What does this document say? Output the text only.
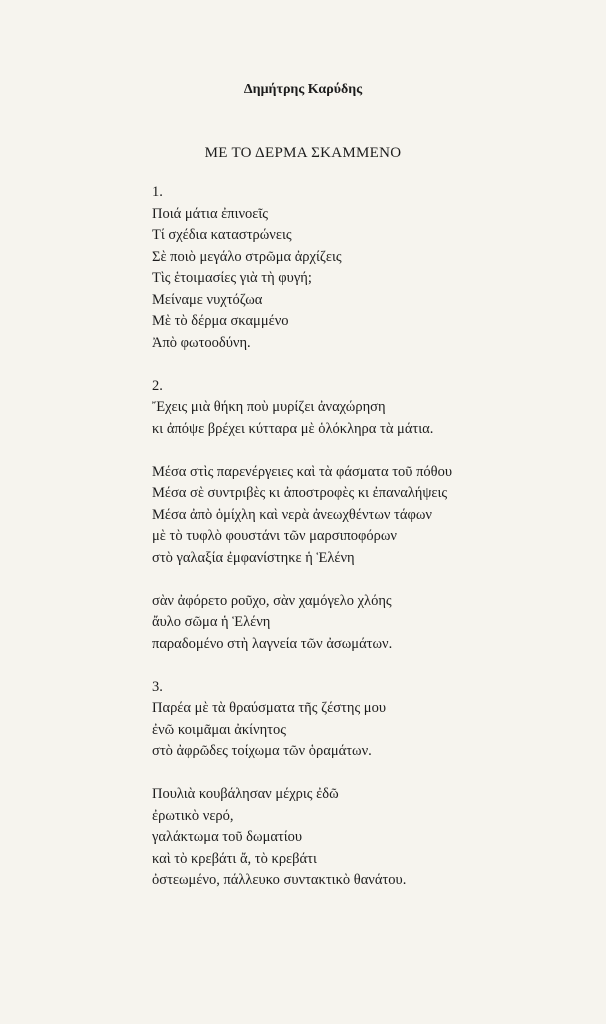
Δημήτρης Καρύδης
ΜΕ ΤΟ ΔΕΡΜΑ ΣΚΑΜΜΕΝΟ
1.
Ποιά μάτια ἐπινοεῖς
Τί σχέδια καταστρώνεις
Σὲ ποιὸ μεγάλο στρῶμα ἀρχίζεις
Τὶς ἑτοιμασίες γιὰ τὴ φυγή;
Μείναμε νυχτόζωα
Μὲ τὸ δέρμα σκαμμένο
Ἀπὸ φωτοοδύνη.
2.
Ἔχεις μιὰ θήκη ποὺ μυρίζει ἀναχώρηση
κι ἀπόψε βρέχει κύτταρα μὲ ὁλόκληρα τὰ μάτια.
Μέσα στὶς παρενέργειες καὶ τὰ φάσματα τοῦ πόθου
Μέσα σὲ συντριβὲς κι ἀποστροφὲς κι ἐπαναλήψεις
Μέσα ἀπὸ ὁμίχλη καὶ νερὰ ἀνεωχθέντων τάφων
μὲ τὸ τυφλὸ φουστάνι τῶν μαρσιποφόρων
στὸ γαλαξία ἐμφανίστηκε ἡ Ἑλένη
σὰν ἀφόρετο ροῦχο, σὰν χαμόγελο χλόης
ἄυλο σῶμα ἡ Ἑλένη
παραδομένο στὴ λαγνεία τῶν ἀσωμάτων.
3.
Παρέα μὲ τὰ θραύσματα τῆς ζέστης μου
ἐνῶ κοιμᾶμαι ἀκίνητος
στὸ ἀφρῶδες τοίχωμα τῶν ὁραμάτων.
Πουλιὰ κουβάλησαν μέχρις ἐδῶ
ἐρωτικὸ νερό,
γαλάκτωμα τοῦ δωματίου
καὶ τὸ κρεβάτι ἄ, τὸ κρεβάτι
ὀστεωμένο, πάλλευκο συντακτικὸ θανάτου.
